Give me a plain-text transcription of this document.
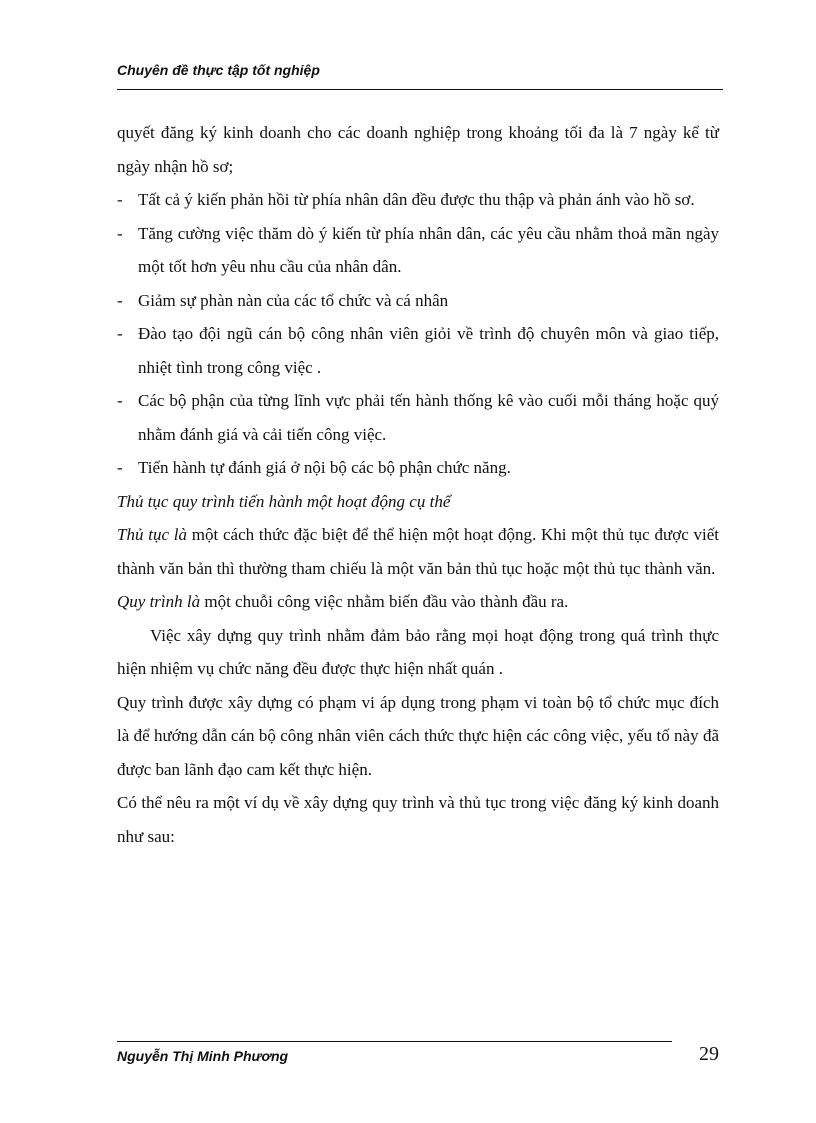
Chuyên đề thực tập tốt nghiệp

quyết đăng ký kinh doanh cho các doanh nghiệp trong khoảng tối đa là 7 ngày kể từ ngày nhận hồ sơ;

- Tất cả ý kiến phản hồi từ phía nhân dân đều được thu thập và phản ánh vào hồ sơ.

- Tăng cường việc thăm dò ý kiến từ phía nhân dân, các yêu cầu nhằm thoả mãn ngày một tốt hơn yêu nhu cầu của nhân dân.

- Giảm sự phàn nàn của các tổ chức và cá nhân

- Đào tạo đội ngũ cán bộ công nhân viên giỏi về trình độ chuyên môn và giao tiếp, nhiệt tình trong công việc .

- Các bộ phận của từng lĩnh vực phải tến hành thống kê vào cuối mỗi tháng hoặc quý nhằm đánh giá và cải tiến công việc.

- Tiến hành tự đánh giá ở nội bộ các bộ phận chức năng.

Thủ tục quy trình tiến hành một hoạt động cụ thể

Thủ tục là một cách thức đặc biệt để thể hiện một hoạt động. Khi một thủ tục được viết thành văn bản thì thường tham chiếu là một văn bản thủ tục hoặc một thủ tục thành văn.

Quy trình là một chuỗi công việc nhằm biến đầu vào thành đầu ra.

Việc xây dựng quy trình nhằm đảm bảo rằng mọi hoạt động trong quá trình thực hiện nhiệm vụ chức năng đều được thực hiện nhất quán .

Quy trình được xây dựng có phạm vi áp dụng trong phạm vi toàn bộ tổ chức mục đích là để hướng dẫn cán bộ công nhân viên cách thức thực hiện các công việc, yếu tố này đã được ban lãnh đạo cam kết thực hiện.

Có thể nêu ra một ví dụ về xây dựng quy trình và thủ tục trong việc đăng ký kinh doanh như sau:

Nguyễn Thị Minh Phương	29
